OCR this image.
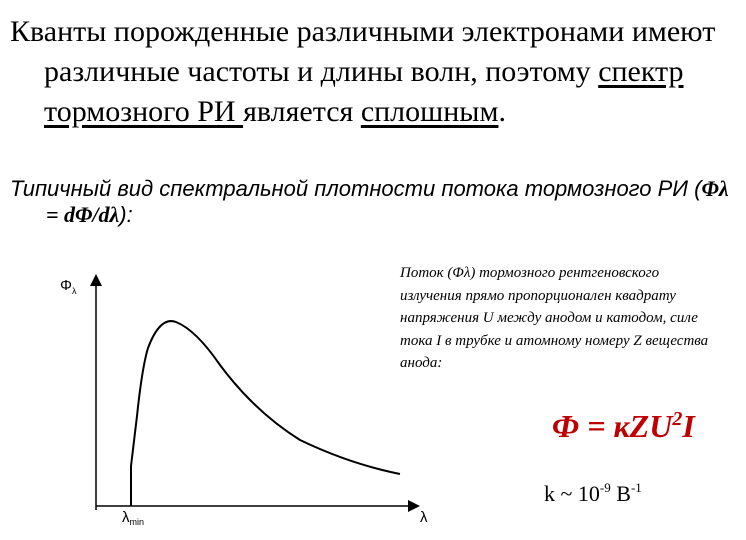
Кванты порожденные различными электронами имеют различные частоты и длины волн, поэтому спектр тормозного РИ является сплошным.

Типичный вид спектральной плотности потока тормозного РИ (Φλ = dΦ/dλ):

$\Phi_\lambda$
λ
$\lambda_{min}$

Поток (Φλ) тормозного рентгеновского излучения прямо пропорционален квадрату напряжения U между анодом и катодом, силе тока I в трубке и атомному номеру Z вещества анода:

Ф = кZU$^2$I
k ~ $10^{-9}$ $В^{-1}$
